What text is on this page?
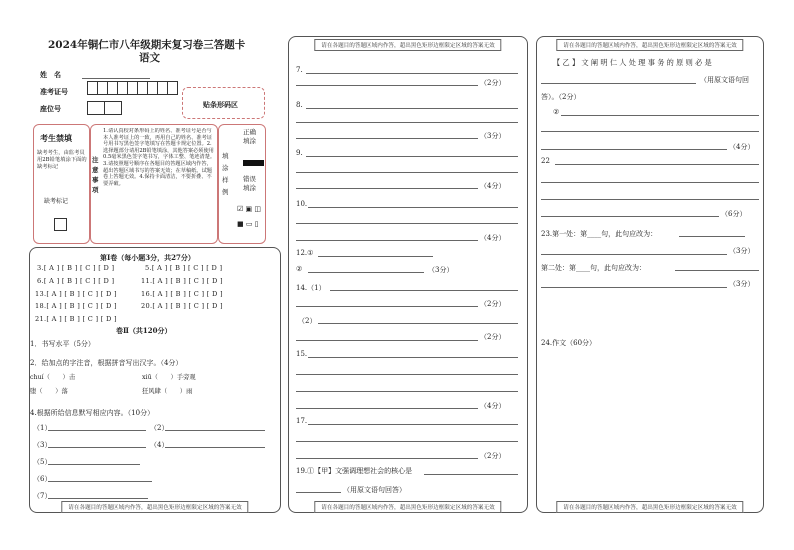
2024年铜仁市八年级期末复习卷三答题卡
语文
姓　名
准考证号
座位号	贴条形码区
考生禁填
缺考考生，由监考员用2B铅笔填涂下面的缺考标记
缺考标记
注意事项
1.请认真校对条形码上的姓名、准考证号是否与本人准考证上的一致，再用自己的姓名、准考证号用书写黑色签字笔填写在答题卡规定位置。2.选择题部分请用2B铅笔填涂，其他答案必须使用0.5毫米黑色签字笔书写，字体工整、笔迹清楚。3.请按照题号顺序在各题目的答题区域内作答，超出答题区域书写的答案无效；在草稿纸、试题卷上答题无效。4.保持卡面清洁，不要折叠、不要弄破。
填涂样例
正确填涂
错误填涂
☑ ▣ ◫
■ ▭ ▯
第Ⅰ卷（每小题3分，共27分）
3.[ A ] [ B ] [ C ] [ D ]	5.[ A ] [ B ] [ C ] [ D ]
6.[ A ] [ B ] [ C ] [ D ]	11.[ A ] [ B ] [ C ] [ D ]
13.[ A ] [ B ] [ C ] [ D ]	16.[ A ] [ B ] [ C ] [ D ]
18.[ A ] [ B ] [ C ] [ D ]	20.[ A ] [ B ] [ C ] [ D ]
21.[ A ] [ B ] [ C ] [ D ]
卷Ⅱ（共120分）
1．书写水平（5分）
2．给加点的字注音，根据拼音写出汉字。（4分）
chuí（　　）击	xiū（　　）手旁观
堕（　　）落	狂风肆（　　）雨
4.根据所给信息默写相应内容。（10分）
（1）	（2）
（3）	（4）
（5）
（6）
（7）
请在各题目的答题区域内作答，超出黑色矩形边框限定区域的答案无效
请在各题目的答题区域内作答，超出黑色矩形边框限定区域的答案无效
7.
（2分）
8.
（3分）
9.
（4分）
10.
（4分）
12.①
②	（3分）
14.（1）
（2分）
（2）
（2分）
15.
（4分）
17.
（2分）
19.①【甲】文强调理想社会的核心是
（用原文语句回答）
请在各题目的答题区域内作答，超出黑色矩形边框限定区域的答案无效
请在各题目的答题区域内作答，超出黑色矩形边框限定区域的答案无效
【 乙 】 文 阐 明 仁 人 处 理 事 务 的 原 则 必 是
（用原文语句回
答）。（2分）
②
（4分）
22
（6分）
23.第一处：第____句，此句应改为：
（3分）
第二处：第____句，此句应改为：
（3分）
24.作文（60分）
请在各题目的答题区域内作答，超出黑色矩形边框限定区域的答案无效
